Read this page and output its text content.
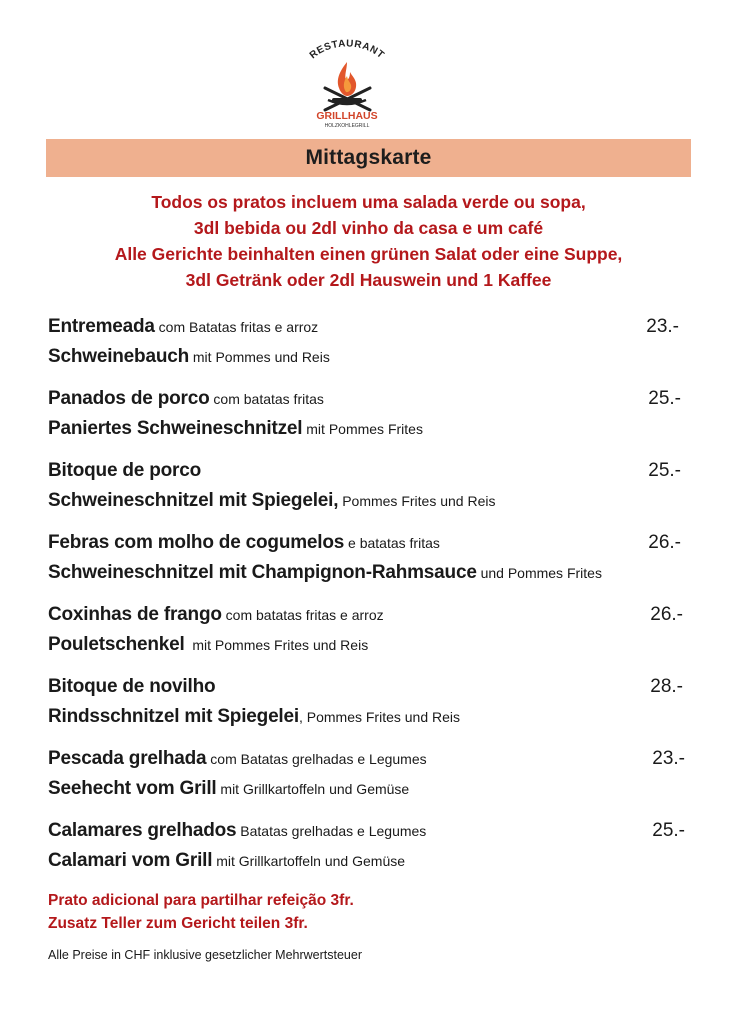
RESTAURANT
GRILLHAUS
HOLZKOHLEGRILL
Mittagskarte
Todos os pratos incluem uma salada verde ou sopa,
3dl bebida ou 2dl vinho da casa e um café
Alle Gerichte beinhalten einen grünen Salat oder eine Suppe,
3dl Getränk oder 2dl Hauswein und 1 Kaffee
Entremeada com Batatas fritas e arroz
Schweinebauch mit Pommes und Reis
23.-
Panados de porco com batatas fritas
Paniertes Schweineschnitzel mit Pommes Frites
25.-
Bitoque de porco
Schweineschnitzel mit Spiegelei, Pommes Frites und Reis
25.-
Febras com molho de cogumelos e batatas fritas
Schweineschnitzel mit Champignon-Rahmsauce und Pommes Frites
26.-
Coxinhas de frango com batatas fritas e arroz
Pouletschenkel  mit Pommes Frites und Reis
26.-
Bitoque de novilho
Rindsschnitzel mit Spiegelei, Pommes Frites und Reis
28.-
Pescada grelhada com Batatas grelhadas e Legumes
Seehecht vom Grill mit Grillkartoffeln und Gemüse
23.-
Calamares grelhados Batatas grelhadas e Legumes
Calamari vom Grill mit Grillkartoffeln und Gemüse
25.-
Prato adicional para partilhar refeição 3fr.
Zusatz Teller zum Gericht teilen 3fr.
Alle Preise in CHF inklusive gesetzlicher Mehrwertsteuer
